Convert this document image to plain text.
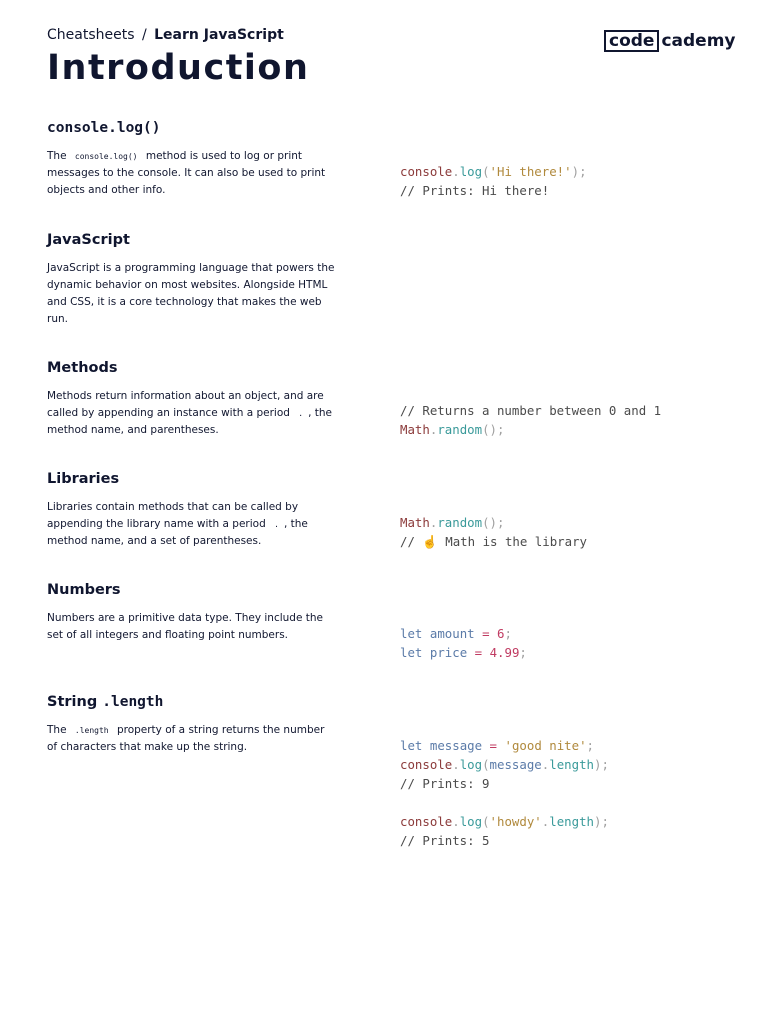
Cheatsheets / Learn JavaScript	code cademy
Introduction
console.log()

The console.log() method is used to log or print messages to the console. It can also be used to print objects and other info.

JavaScript

JavaScript is a programming language that powers the dynamic behavior on most websites. Alongside HTML and CSS, it is a core technology that makes the web run.

Methods

Methods return information about an object, and are called by appending an instance with a period . , the method name, and parentheses.

Libraries

Libraries contain methods that can be called by appending the library name with a period . , the method name, and a set of parentheses.

Numbers

Numbers are a primitive data type. They include the set of all integers and floating point numbers.

String .length

The .length property of a string returns the number of characters that make up the string.

console.log('Hi there!');
// Prints: Hi there!
// Returns a number between 0 and 1
Math.random();
Math.random();
// ☝️ Math is the library
let amount = 6;
let price = 4.99;
let message = 'good nite';
console.log(message.length);
// Prints: 9

console.log('howdy'.length);
// Prints: 5
